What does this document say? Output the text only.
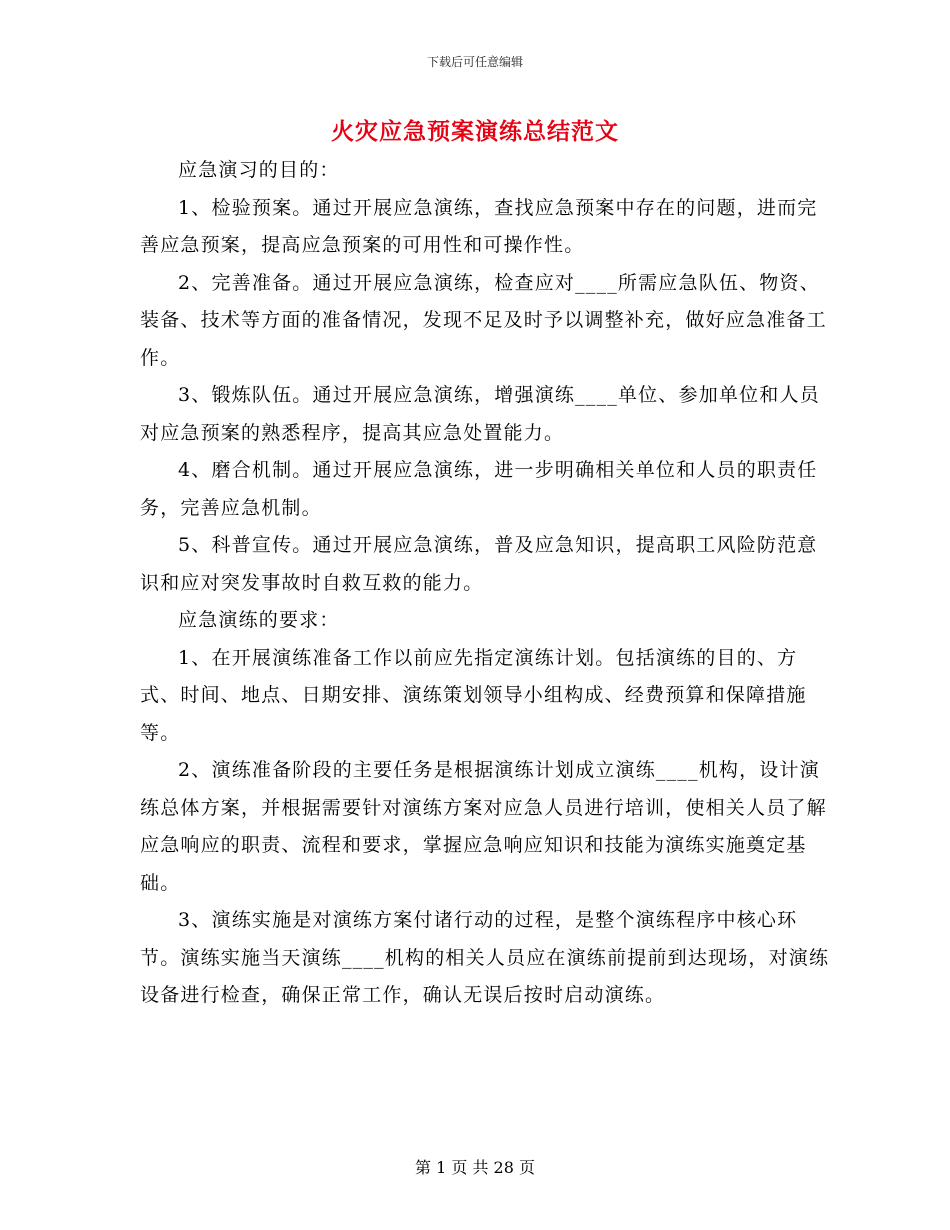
下载后可任意编辑
火灾应急预案演练总结范文

应急演习的目的：

1、检验预案。通过开展应急演练，查找应急预案中存在的问题，进而完善应急预案，提高应急预案的可用性和可操作性。

2、完善准备。通过开展应急演练，检查应对____所需应急队伍、物资、装备、技术等方面的准备情况，发现不足及时予以调整补充，做好应急准备工作。

3、锻炼队伍。通过开展应急演练，增强演练____单位、参加单位和人员对应急预案的熟悉程序，提高其应急处置能力。

4、磨合机制。通过开展应急演练，进一步明确相关单位和人员的职责任务，完善应急机制。

5、科普宣传。通过开展应急演练，普及应急知识，提高职工风险防范意识和应对突发事故时自救互救的能力。

应急演练的要求：

1、在开展演练准备工作以前应先指定演练计划。包括演练的目的、方式、时间、地点、日期安排、演练策划领导小组构成、经费预算和保障措施等。

2、演练准备阶段的主要任务是根据演练计划成立演练____机构，设计演练总体方案，并根据需要针对演练方案对应急人员进行培训，使相关人员了解应急响应的职责、流程和要求，掌握应急响应知识和技能为演练实施奠定基础。

3、演练实施是对演练方案付诸行动的过程，是整个演练程序中核心环节。演练实施当天演练____机构的相关人员应在演练前提前到达现场，对演练设备进行检查，确保正常工作，确认无误后按时启动演练。

第 1 页 共 28 页
